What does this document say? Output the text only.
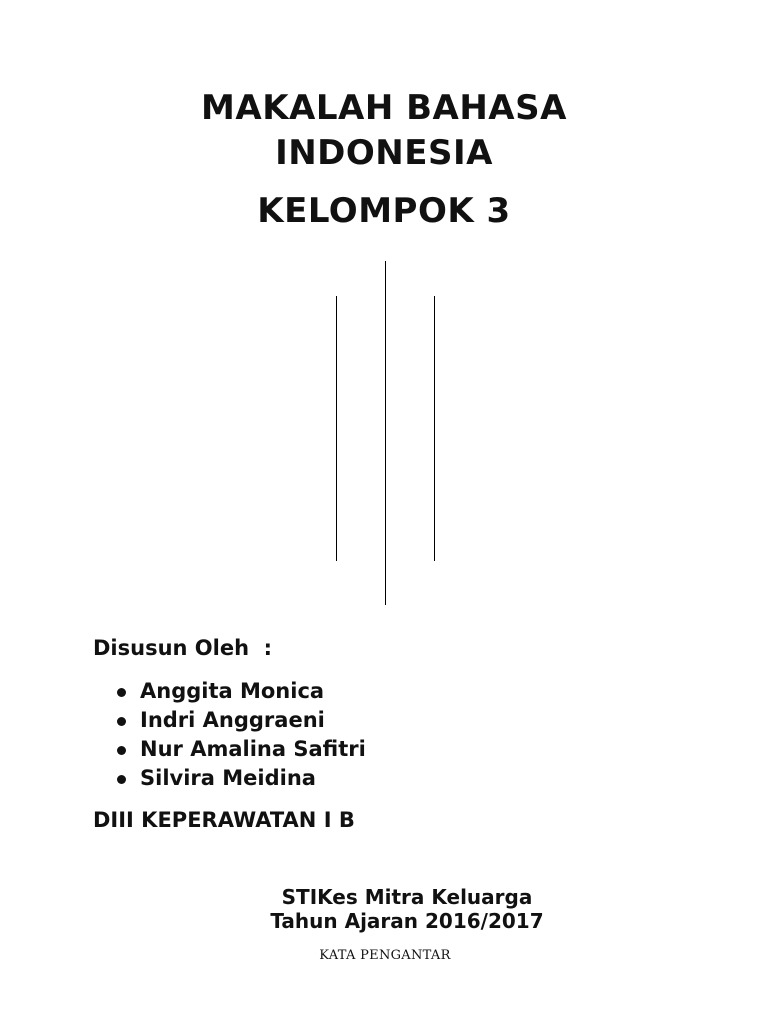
MAKALAH BAHASA
INDONESIA
KELOMPOK 3

Disusun Oleh  :

Anggita Monica
Indri Anggraeni
Nur Amalina Safitri
Silvira Meidina

DIII KEPERAWATAN I B

STIKes Mitra Keluarga

Tahun Ajaran 2016/2017

KATA PENGANTAR
